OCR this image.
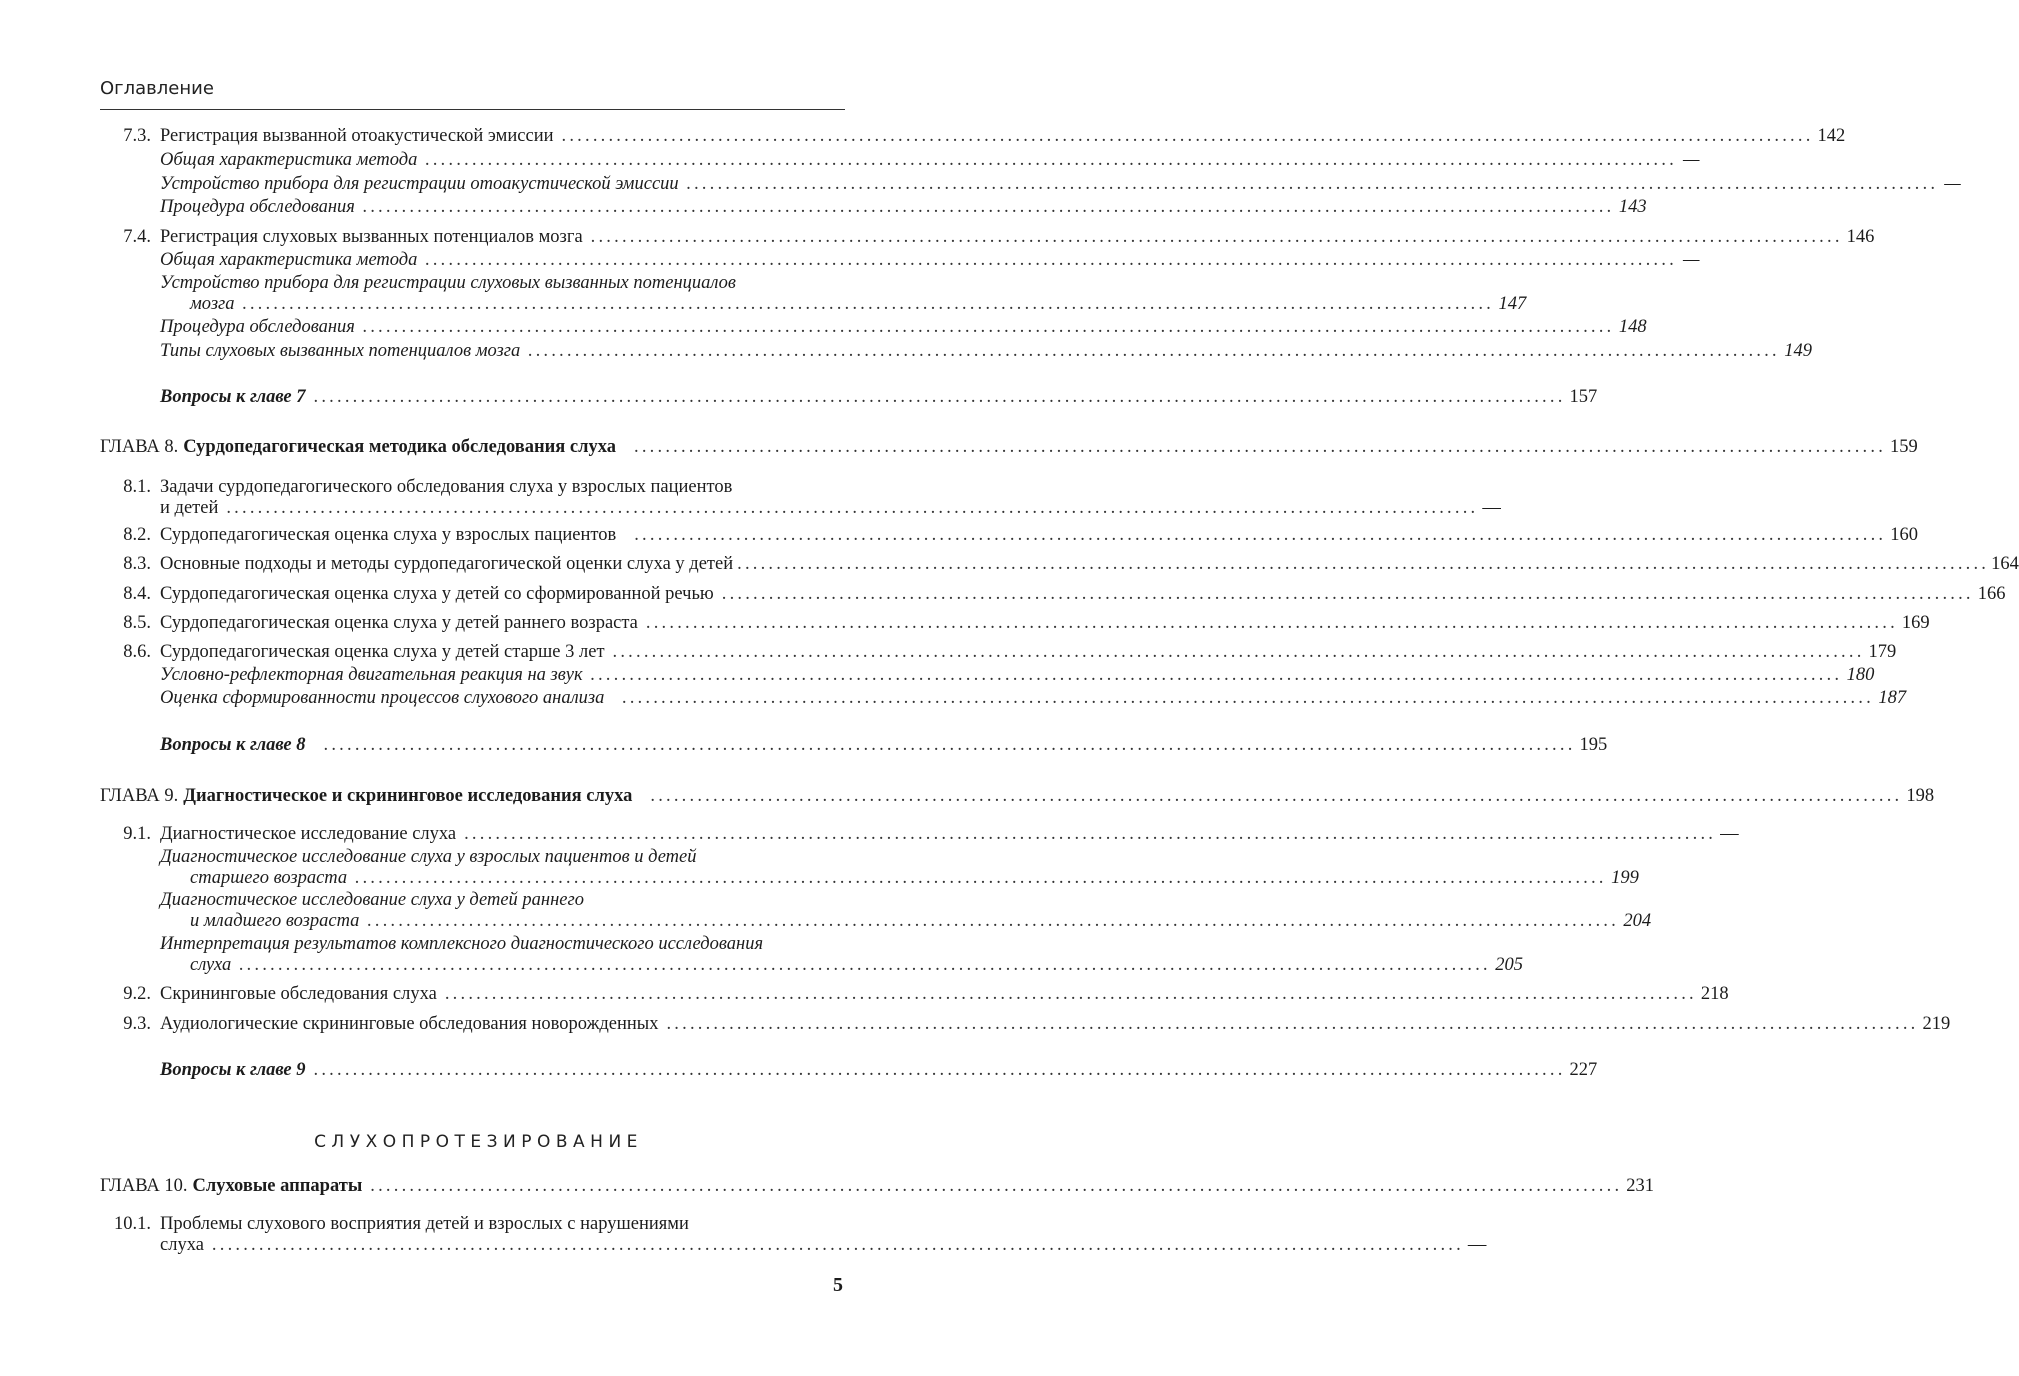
Оглавление
7.3. Регистрация вызванной отоакустической эмиссии ................................................................................................................................................................ 142
Общая характеристика метода ................................................................................................................................................................ —
Устройство прибора для регистрации отоакустической эмиссии ................................................................................................................................................................ —
Процедура обследования ................................................................................................................................................................ 143
7.4. Регистрация слуховых вызванных потенциалов мозга ................................................................................................................................................................ 146
Общая характеристика метода ................................................................................................................................................................ —
Устройство прибора для регистрации слуховых вызванных потенциалов
мозга ................................................................................................................................................................ 147
Процедура обследования ................................................................................................................................................................ 148
Типы слуховых вызванных потенциалов мозга ................................................................................................................................................................ 149
Вопросы к главе 7 ................................................................................................................................................................ 157
ГЛАВА 8. Сурдопедагогическая методика обследования слуха ................................................................................................................................................................ 159
8.1. Задачи сурдопедагогического обследования слуха у взрослых пациентов
и детей ................................................................................................................................................................ —
8.2. Сурдопедагогическая оценка слуха у взрослых пациентов ................................................................................................................................................................ 160
8.3. Основные подходы и методы сурдопедагогической оценки слуха у детей ................................................................................................................................................................ 164
8.4. Сурдопедагогическая оценка слуха у детей со сформированной речью ................................................................................................................................................................ 166
8.5. Сурдопедагогическая оценка слуха у детей раннего возраста ................................................................................................................................................................ 169
8.6. Сурдопедагогическая оценка слуха у детей старше 3 лет ................................................................................................................................................................ 179
Условно-рефлекторная двигательная реакция на звук ................................................................................................................................................................ 180
Оценка сформированности процессов слухового анализа ................................................................................................................................................................ 187
Вопросы к главе 8 ................................................................................................................................................................ 195
ГЛАВА 9. Диагностическое и скрининговое исследования слуха ................................................................................................................................................................ 198
9.1. Диагностическое исследование слуха ................................................................................................................................................................ —
Диагностическое исследование слуха у взрослых пациентов и детей
старшего возраста ................................................................................................................................................................ 199
Диагностическое исследование слуха у детей раннего
и младшего возраста ................................................................................................................................................................ 204
Интерпретация результатов комплексного диагностического исследования
слуха ................................................................................................................................................................ 205
9.2. Скрининговые обследования слуха ................................................................................................................................................................ 218
9.3. Аудиологические скрининговые обследования новорожденных ................................................................................................................................................................ 219
Вопросы к главе 9 ................................................................................................................................................................ 227
СЛУХОПРОТЕЗИРОВАНИЕ
ГЛАВА 10. Слуховые аппараты ................................................................................................................................................................ 231
10.1. Проблемы слухового восприятия детей и взрослых с нарушениями
слуха ................................................................................................................................................................ —
5
